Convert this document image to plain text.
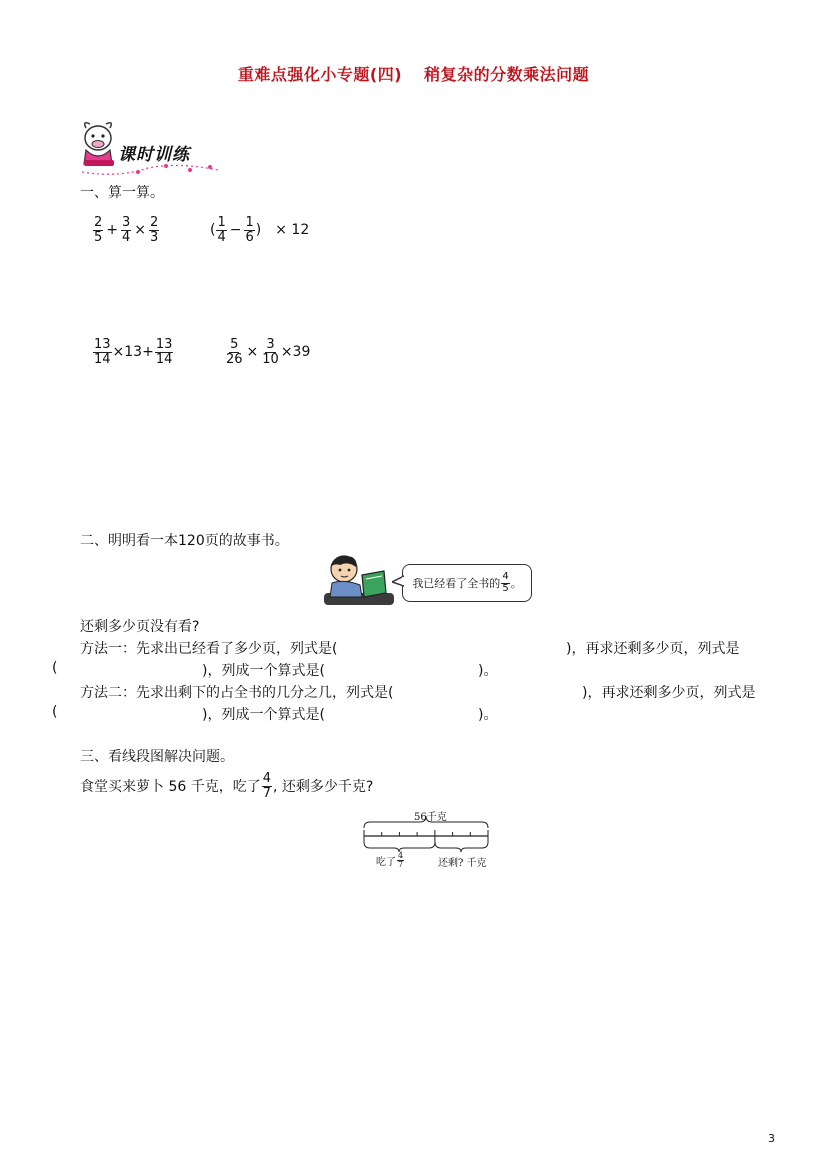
重难点强化小专题(四) 稍复杂的分数乘法问题
课时训练
一、算一算。
$\frac{2}{5} + \frac{3}{4} \times \frac{2}{3}$	( $\frac{1}{4} - \frac{1}{6}$ ) × 12
$\frac{13}{14} \times 13+ \frac{13}{14}$	$\frac{5}{26} \times \frac{3}{10} \times 39$
二、明明看一本120页的故事书。
我已经看了全书的 $\frac{4}{5}$ 。
还剩多少页没有看?
方法一：先求出已经看了多少页，列式是(	)，再求还剩多少页，列式是
(	)，列成一个算式是(	)。
方法二：先求出剩下的占全书的几分之几，列式是(	)，再求还剩多少页，列式是
(	)，列成一个算式是(	)。
三、看线段图解决问题。
食堂买来萝卜 56 千克，吃了 $\frac{4}{7}$ , 还剩多少千克?
56千克
吃了 $\frac{4}{7}$	还剩? 千克
3
